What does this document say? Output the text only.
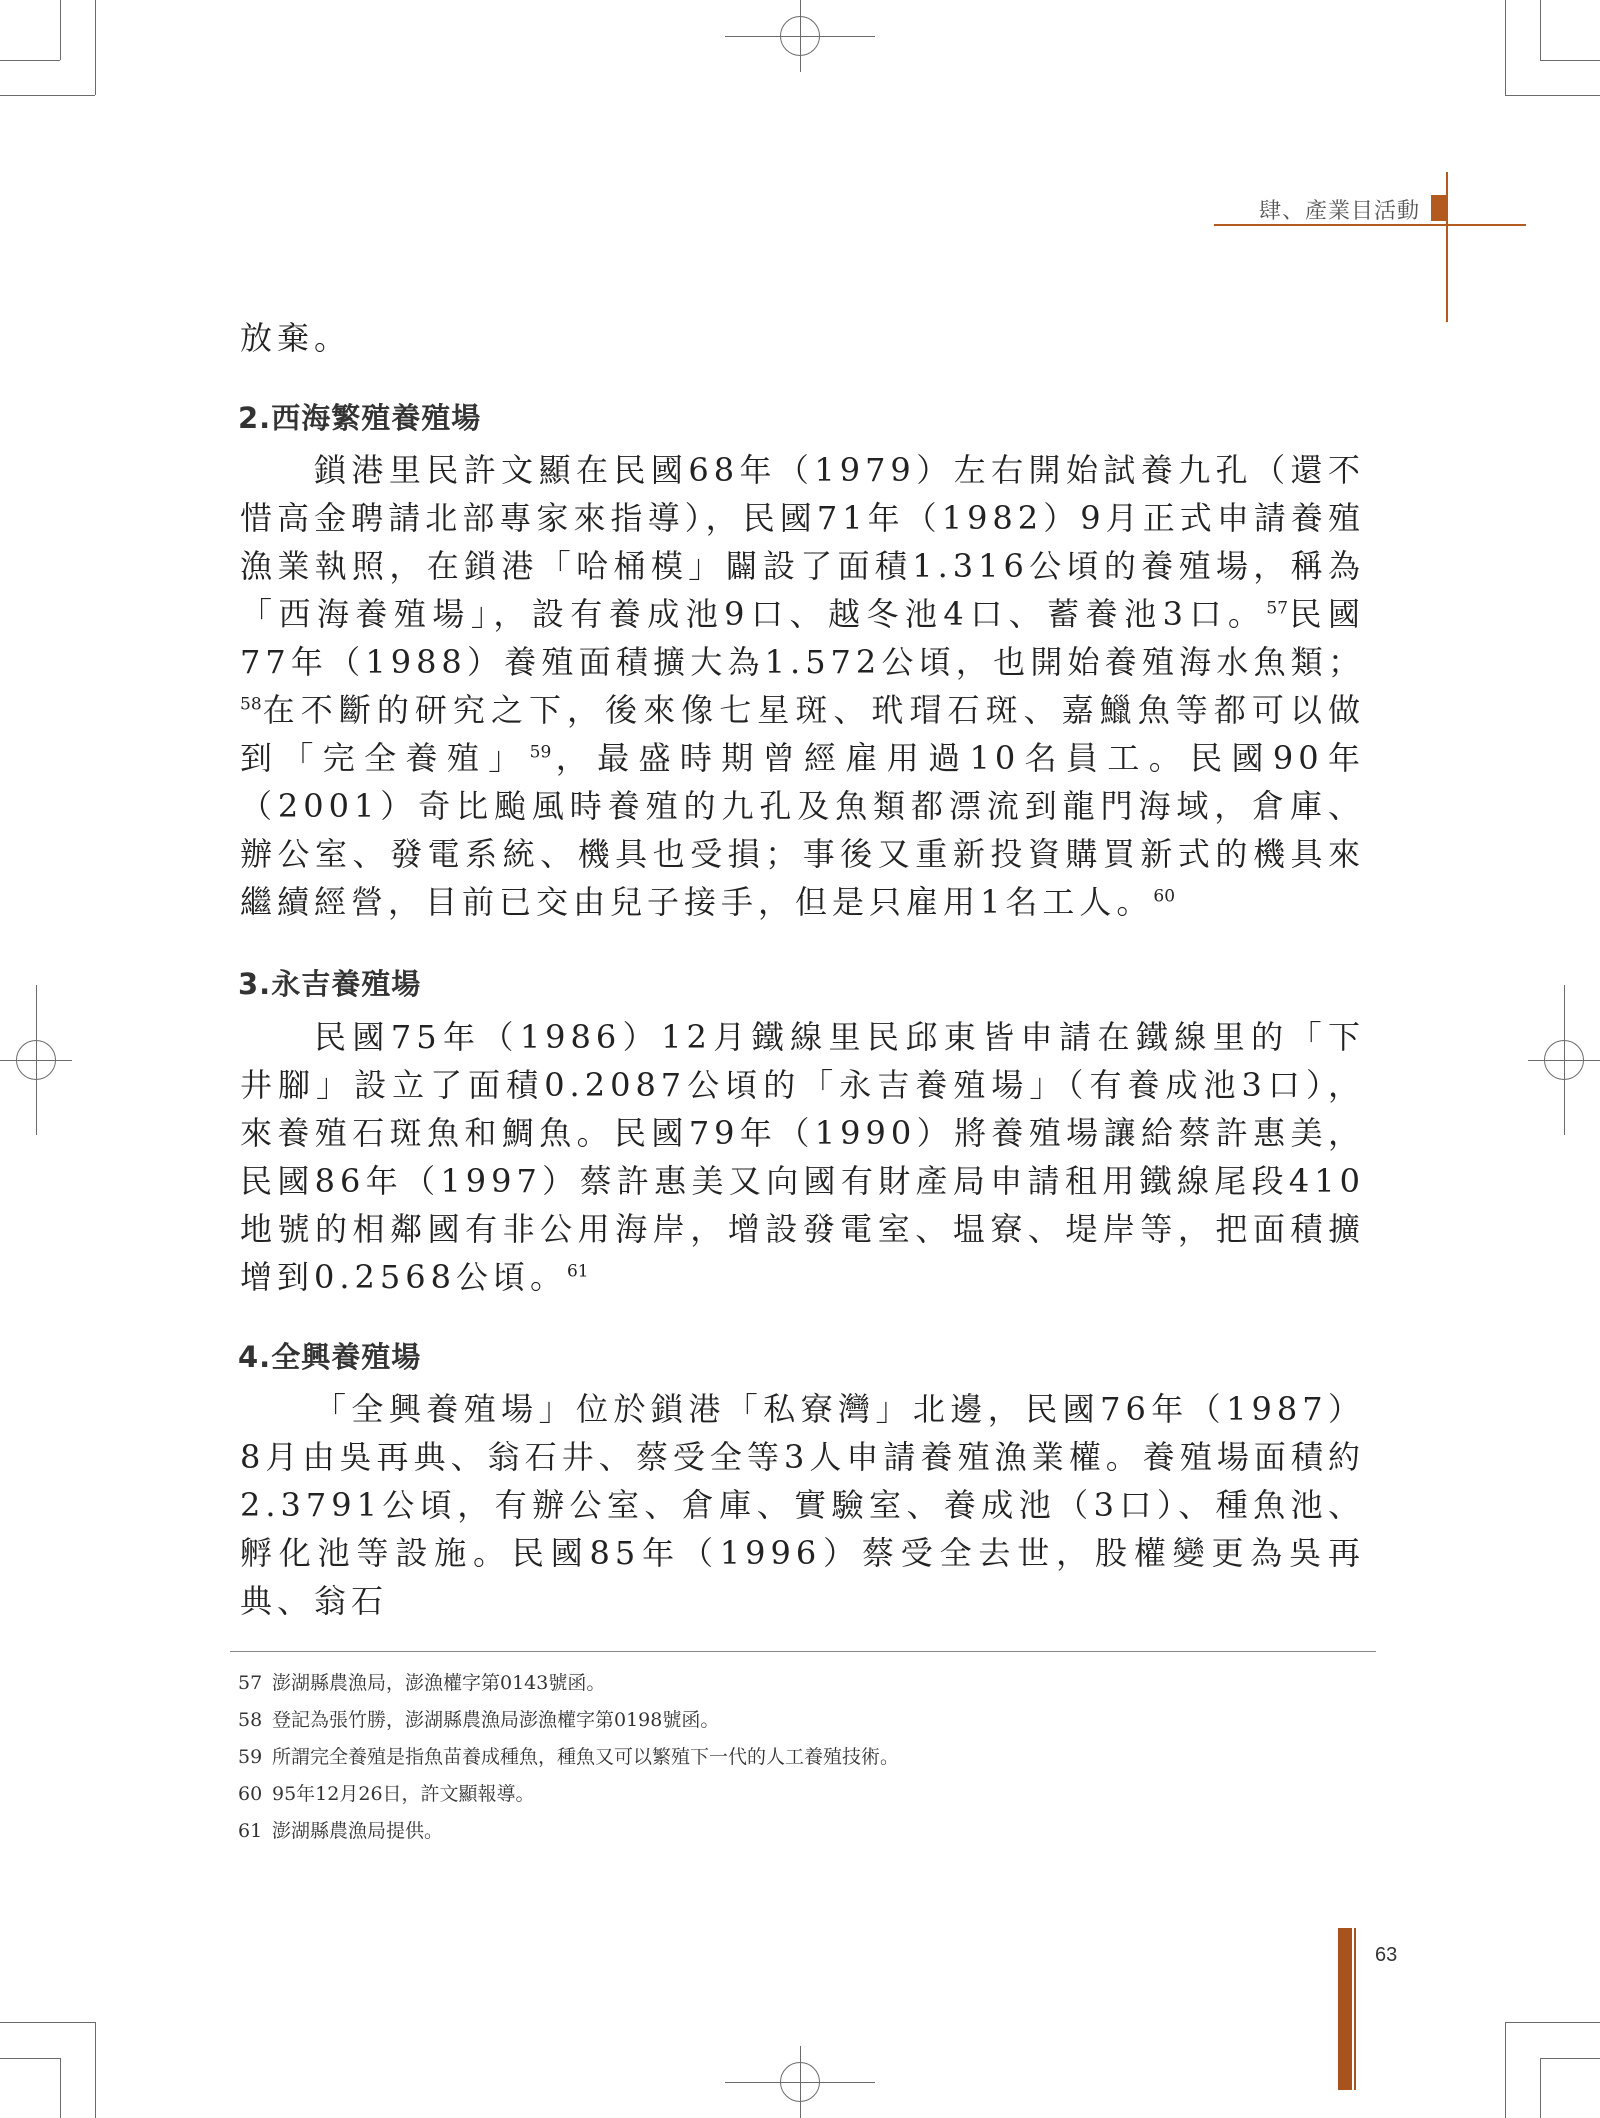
肆、產業目活動
放棄。
2.西海繁殖養殖場

鎖港里民許文顯在民國68年（1979）左右開始試養九孔（還不惜高金聘請北部專家來指導），民國71年（1982）9月正式申請養殖漁業執照，在鎖港「哈桶模」闢設了面積1.316公頃的養殖場，稱為「西海養殖場」，設有養成池9口、越冬池4口、蓄養池3口。$^{57}$民國77年（1988）養殖面積擴大為1.572公頃，也開始養殖海水魚類；$^{58}$在不斷的研究之下，後來像七星斑、玳瑁石斑、嘉鱲魚等都可以做到「完全養殖」$^{59}$，最盛時期曾經雇用過10名員工。民國90年（2001）奇比颱風時養殖的九孔及魚類都漂流到龍門海域，倉庫、辦公室、發電系統、機具也受損；事後又重新投資購買新式的機具來繼續經營，目前已交由兒子接手，但是只雇用1名工人。$^{60}$

3.永吉養殖場

民國75年（1986）12月鐵線里民邱東皆申請在鐵線里的「下井腳」設立了面積0.2087公頃的「永吉養殖場」（有養成池3口），來養殖石斑魚和鯛魚。民國79年（1990）將養殖場讓給蔡許惠美，民國86年（1997）蔡許惠美又向國有財產局申請租用鐵線尾段410地號的相鄰國有非公用海岸，增設發電室、塭寮、堤岸等，把面積擴增到0.2568公頃。$^{61}$

4.全興養殖場

「全興養殖場」位於鎖港「私寮灣」北邊，民國76年（1987）8月由吳再典、翁石井、蔡受全等3人申請養殖漁業權。養殖場面積約2.3791公頃，有辦公室、倉庫、實驗室、養成池（3口）、種魚池、孵化池等設施。民國85年（1996）蔡受全去世，股權變更為吳再典、翁石

57 澎湖縣農漁局，澎漁權字第0143號函。
58 登記為張竹勝，澎湖縣農漁局澎漁權字第0198號函。
59 所謂完全養殖是指魚苗養成種魚，種魚又可以繁殖下一代的人工養殖技術。
60 95年12月26日，許文顯報導。
61 澎湖縣農漁局提供。
63
